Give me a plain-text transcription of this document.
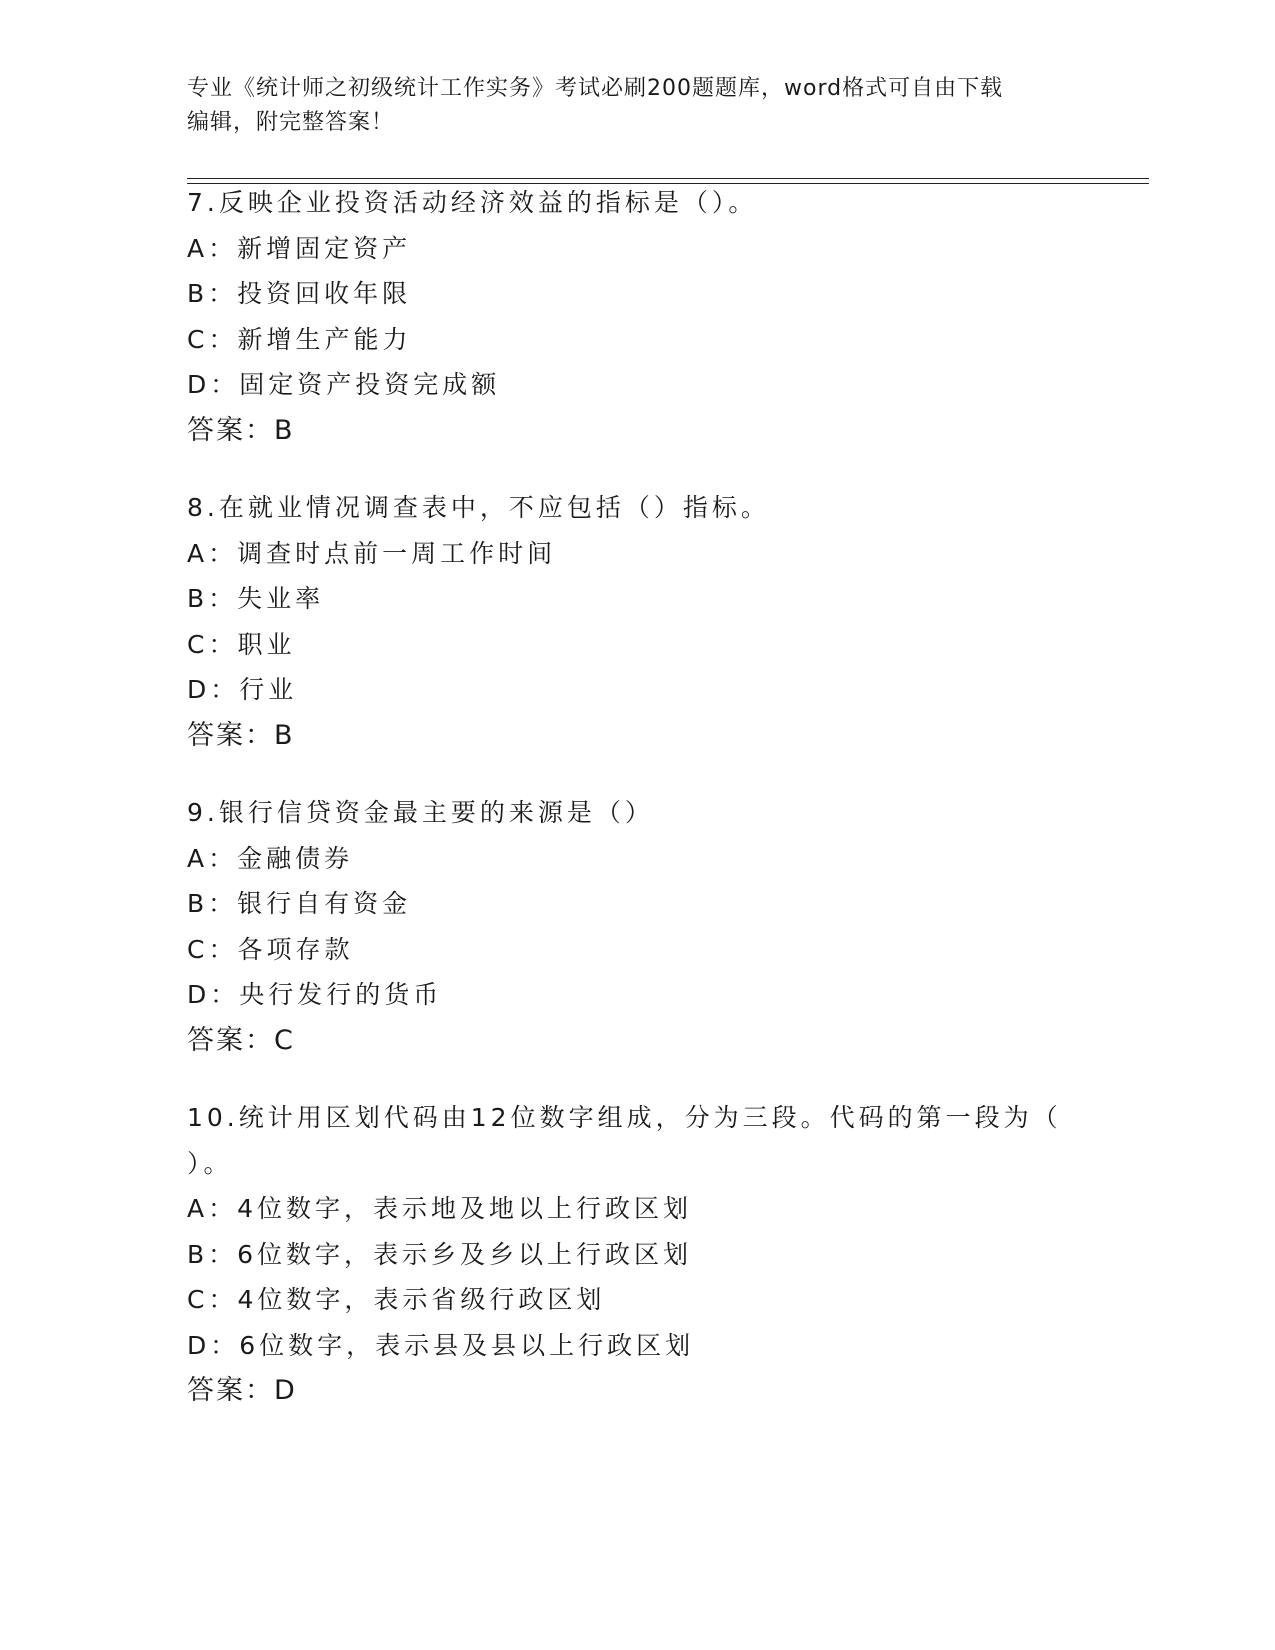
专业《统计师之初级统计工作实务》考试必刷200题题库，word格式可自由下载
编辑，附完整答案！
7.反映企业投资活动经济效益的指标是（）。
A：新增固定资产
B：投资回收年限
C：新增生产能力
D：固定资产投资完成额
答案：B
8.在就业情况调查表中，不应包括（）指标。
A：调查时点前一周工作时间
B：失业率
C：职业
D：行业
答案：B
9.银行信贷资金最主要的来源是（）
A：金融债券
B：银行自有资金
C：各项存款
D：央行发行的货币
答案：C
10.统计用区划代码由12位数字组成，分为三段。代码的第一段为（
）。
A：4位数字，表示地及地以上行政区划
B：6位数字，表示乡及乡以上行政区划
C：4位数字，表示省级行政区划
D：6位数字，表示县及县以上行政区划
答案：D
